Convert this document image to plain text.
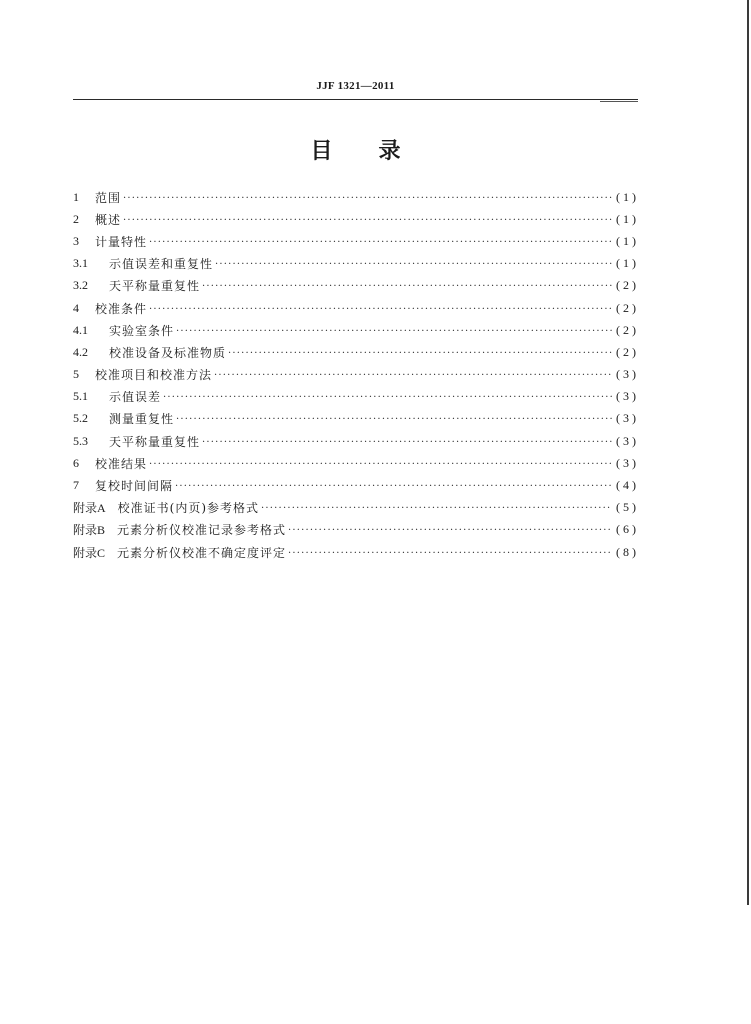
JJF 1321—2011
目录
1	范围 ·····	(1)
2	概述 ·····	(1)
3	计量特性 ·····	(1)
3.1	示值误差和重复性 ·····	(1)
3.2	天平称量重复性 ·····	(2)
4	校准条件 ·····	(2)
4.1	实验室条件 ·····	(2)
4.2	校准设备及标准物质 ·····	(2)
5	校准项目和校准方法 ·····	(3)
5.1	示值误差 ·····	(3)
5.2	测量重复性 ·····	(3)
5.3	天平称量重复性 ·····	(3)
6	校准结果 ·····	(3)
7	复校时间间隔 ·····	(4)
附录A 校准证书(内页)参考格式 ·····	(5)
附录B 元素分析仪校准记录参考格式 ·····	(6)
附录C 元素分析仪校准不确定度评定 ·····	(8)
